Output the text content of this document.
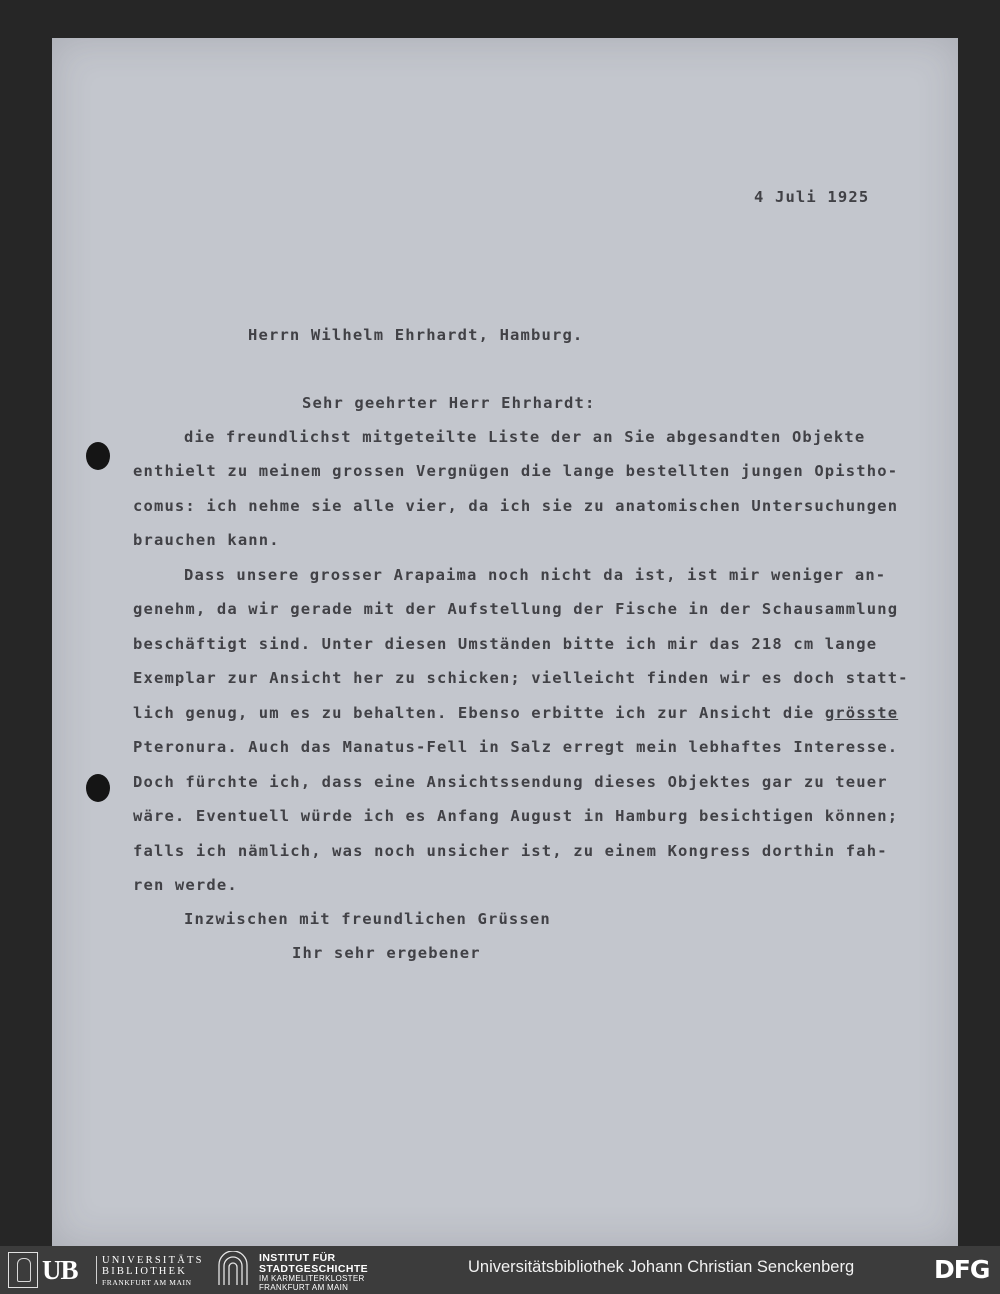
4 Juli 1925

Herrn Wilhelm Ehrhardt, Hamburg.

Sehr geehrter Herr Ehrhardt:

die freundlichst mitgeteilte Liste der an Sie abgesandten Objekte

enthielt zu meinem grossen Vergnügen die lange bestellten jungen Opistho-

comus: ich nehme sie alle vier, da ich sie zu anatomischen Untersuchungen

brauchen kann.

Dass unsere grosser Arapaima noch nicht da ist, ist mir weniger an-

genehm, da wir gerade mit der Aufstellung der Fische in der Schausammlung

beschäftigt sind. Unter diesen Umständen bitte ich mir das 218 cm lange

Exemplar zur Ansicht her zu schicken; vielleicht finden wir es doch statt-

lich genug, um es zu behalten. Ebenso erbitte ich zur Ansicht die grösste

Pteronura. Auch das Manatus-Fell in Salz erregt mein lebhaftes Interesse.

Doch fürchte ich, dass eine Ansichtssendung dieses Objektes gar zu teuer

wäre. Eventuell würde ich es Anfang August in Hamburg besichtigen können;

falls ich nämlich, was noch unsicher ist, zu einem Kongress dorthin fah-

ren werde.

Inzwischen mit freundlichen Grüssen

Ihr sehr ergebener

UB UNIVERSITÄTS
BIBLIOTHEK
FRANKFURT AM MAIN
INSTITUT FÜR
STADTGESCHICHTE
IM KARMELITERKLOSTER
FRANKFURT AM MAIN
Universitätsbibliothek Johann Christian Senckenberg	DFG
